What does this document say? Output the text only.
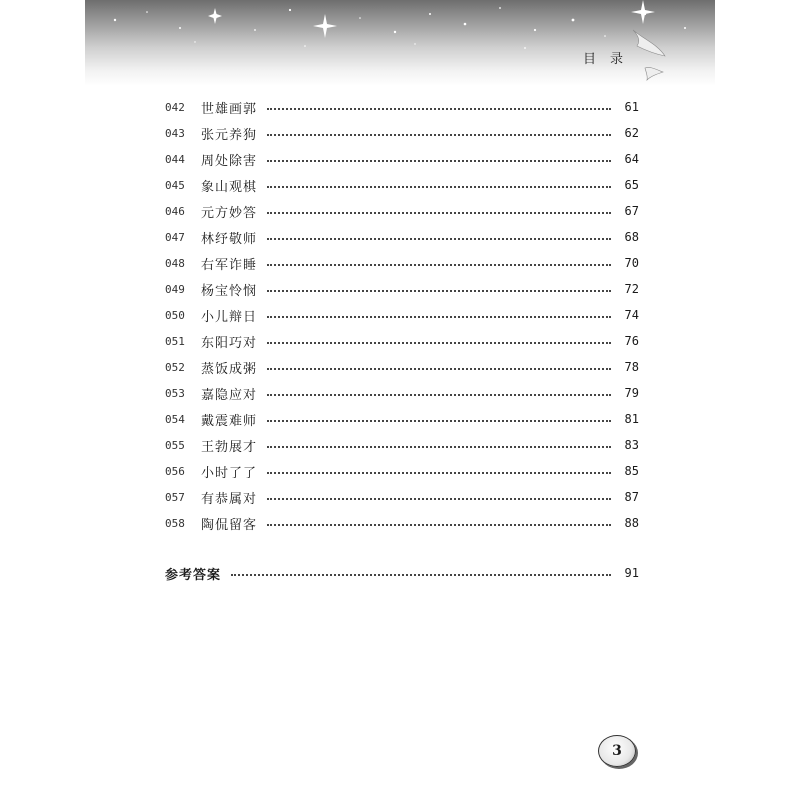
目录
042	世雄画郭	61
043	张元养狗	62
044	周处除害	64
045	象山观棋	65
046	元方妙答	67
047	林纾敬师	68
048	右军诈睡	70
049	杨宝怜悯	72
050	小儿辩日	74
051	东阳巧对	76
052	蒸饭成粥	78
053	嘉隐应对	79
054	戴震难师	81
055	王勃展才	83
056	小时了了	85
057	有恭属对	87
058	陶侃留客	88
参考答案	91
3
